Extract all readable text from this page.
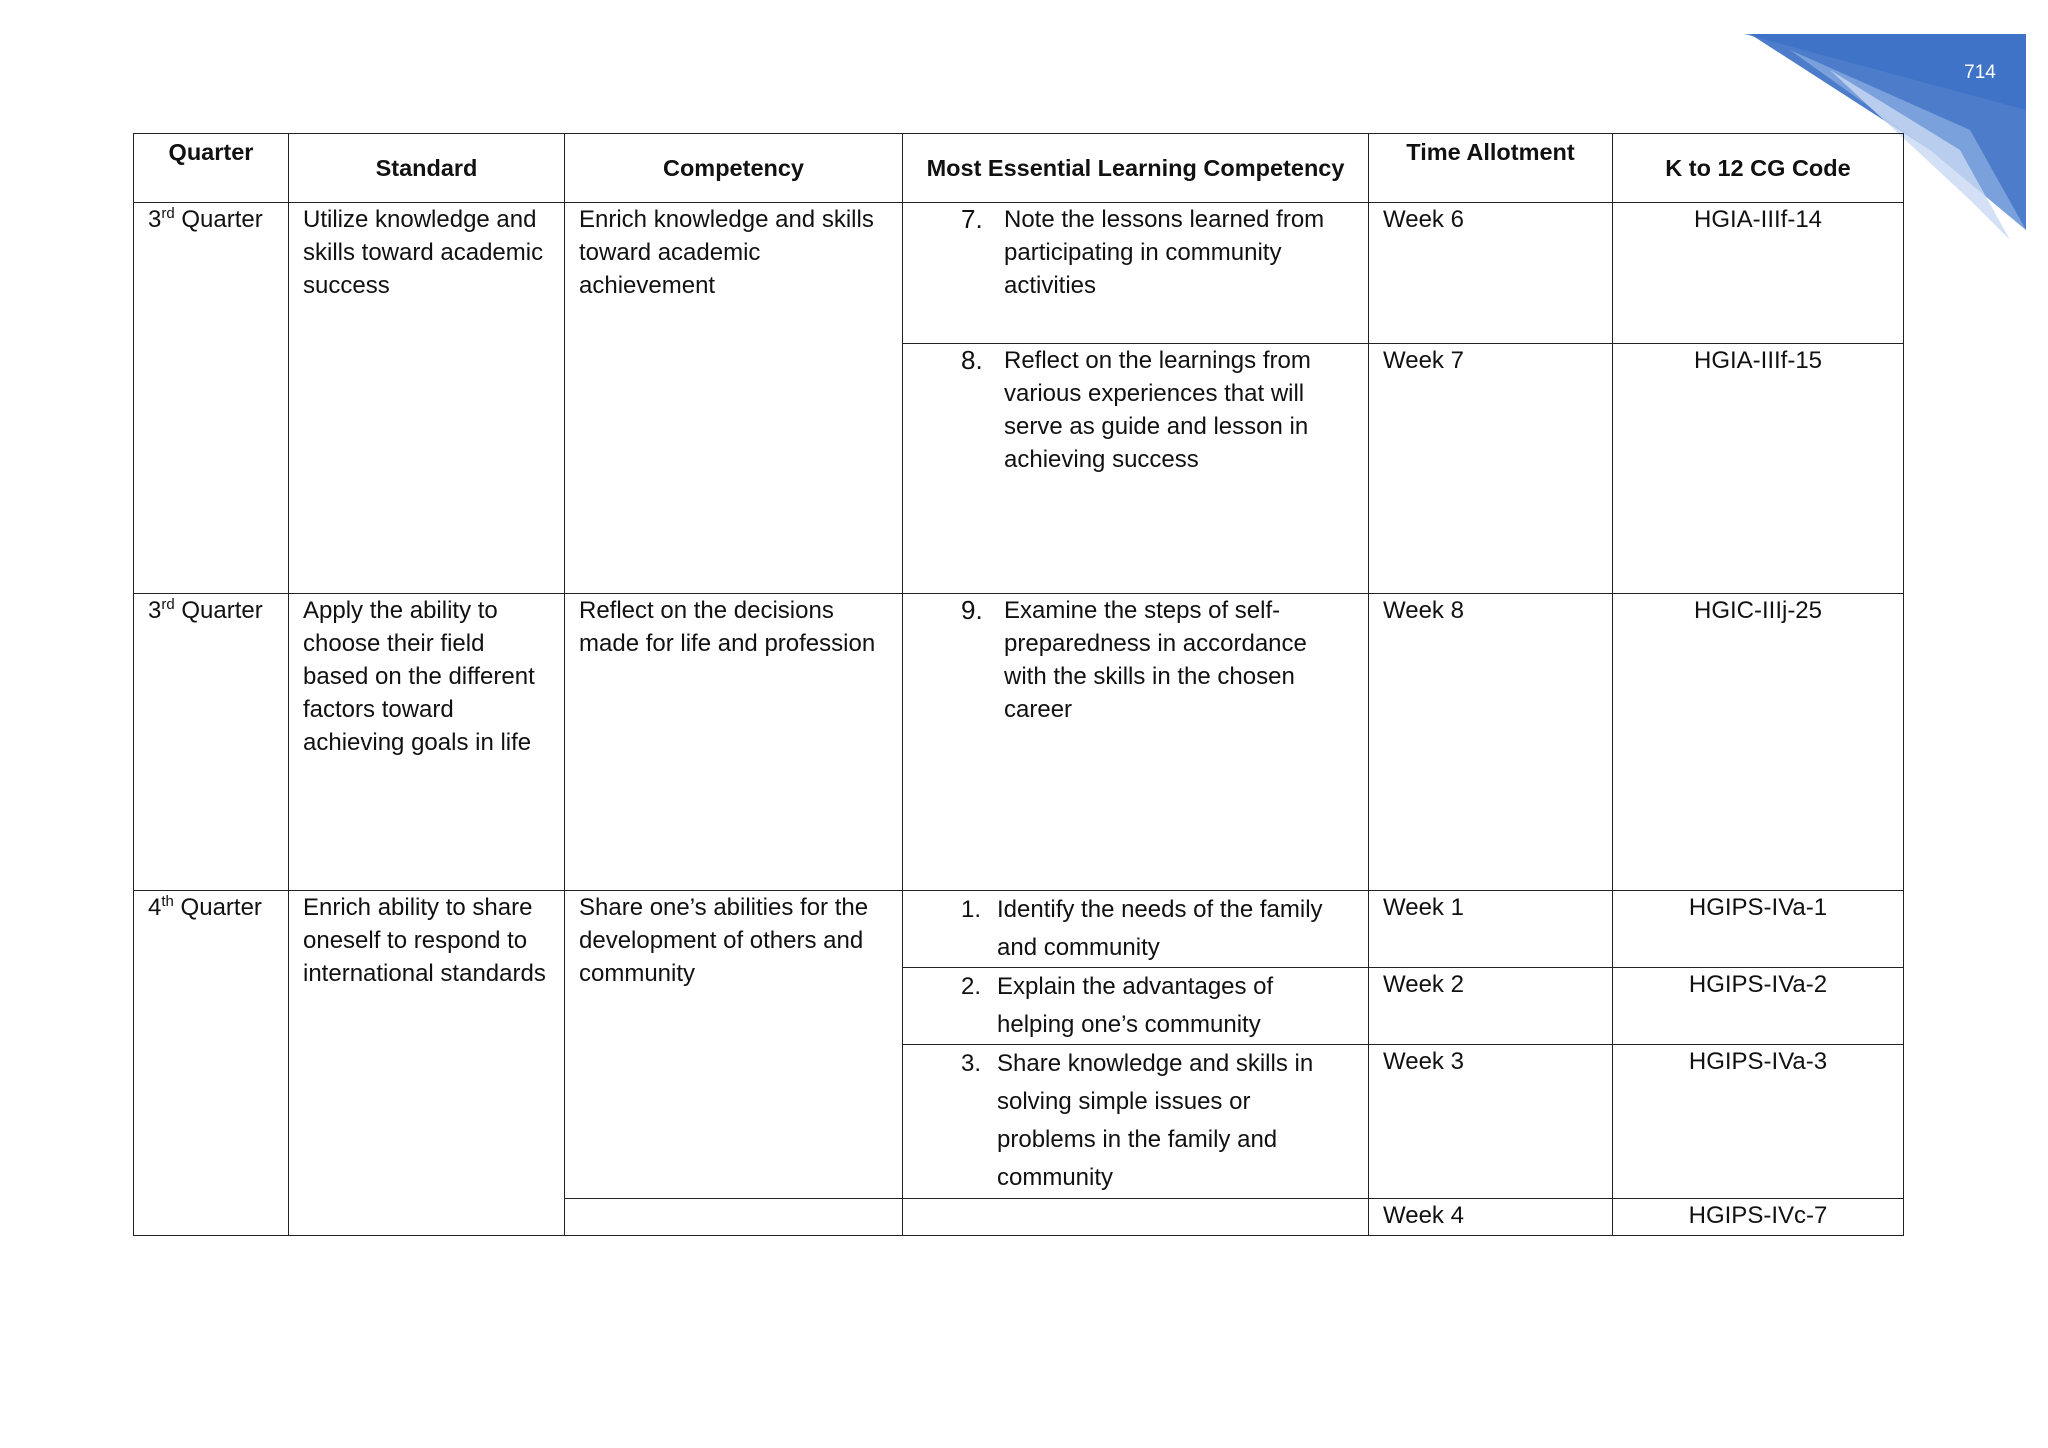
714
Quarter	Standard	Competency	Most Essential Learning Competency	Time Allotment	K to 12 CG Code
3rd Quarter	Utilize knowledge and skills toward academic success	Enrich knowledge and skills toward academic achievement	7. Note the lessons learned from participating in community activities	Week 6	HGIA-IIIf-14

			8. Reflect on the learnings from various experiences that will serve as guide and lesson in achieving success	Week 7	HGIA-IIIf-15
3rd Quarter	Apply the ability to choose their field based on the different factors toward achieving goals in life	Reflect on the decisions made for life and profession	9. Examine the steps of self-preparedness in accordance with the skills in the chosen career	Week 8	HGIC-IIIj-25
4th Quarter	Enrich ability to share oneself to respond to international standards	Share one’s abilities for the development of others and community	1. Identify the needs of the family and community	Week 1	HGIPS-IVa-1

			2. Explain the advantages of helping one’s community	Week 2	HGIPS-IVa-2

			3. Share knowledge and skills in solving simple issues or problems in the family and community	Week 3	HGIPS-IVa-3
				Week 4	HGIPS-IVc-7
